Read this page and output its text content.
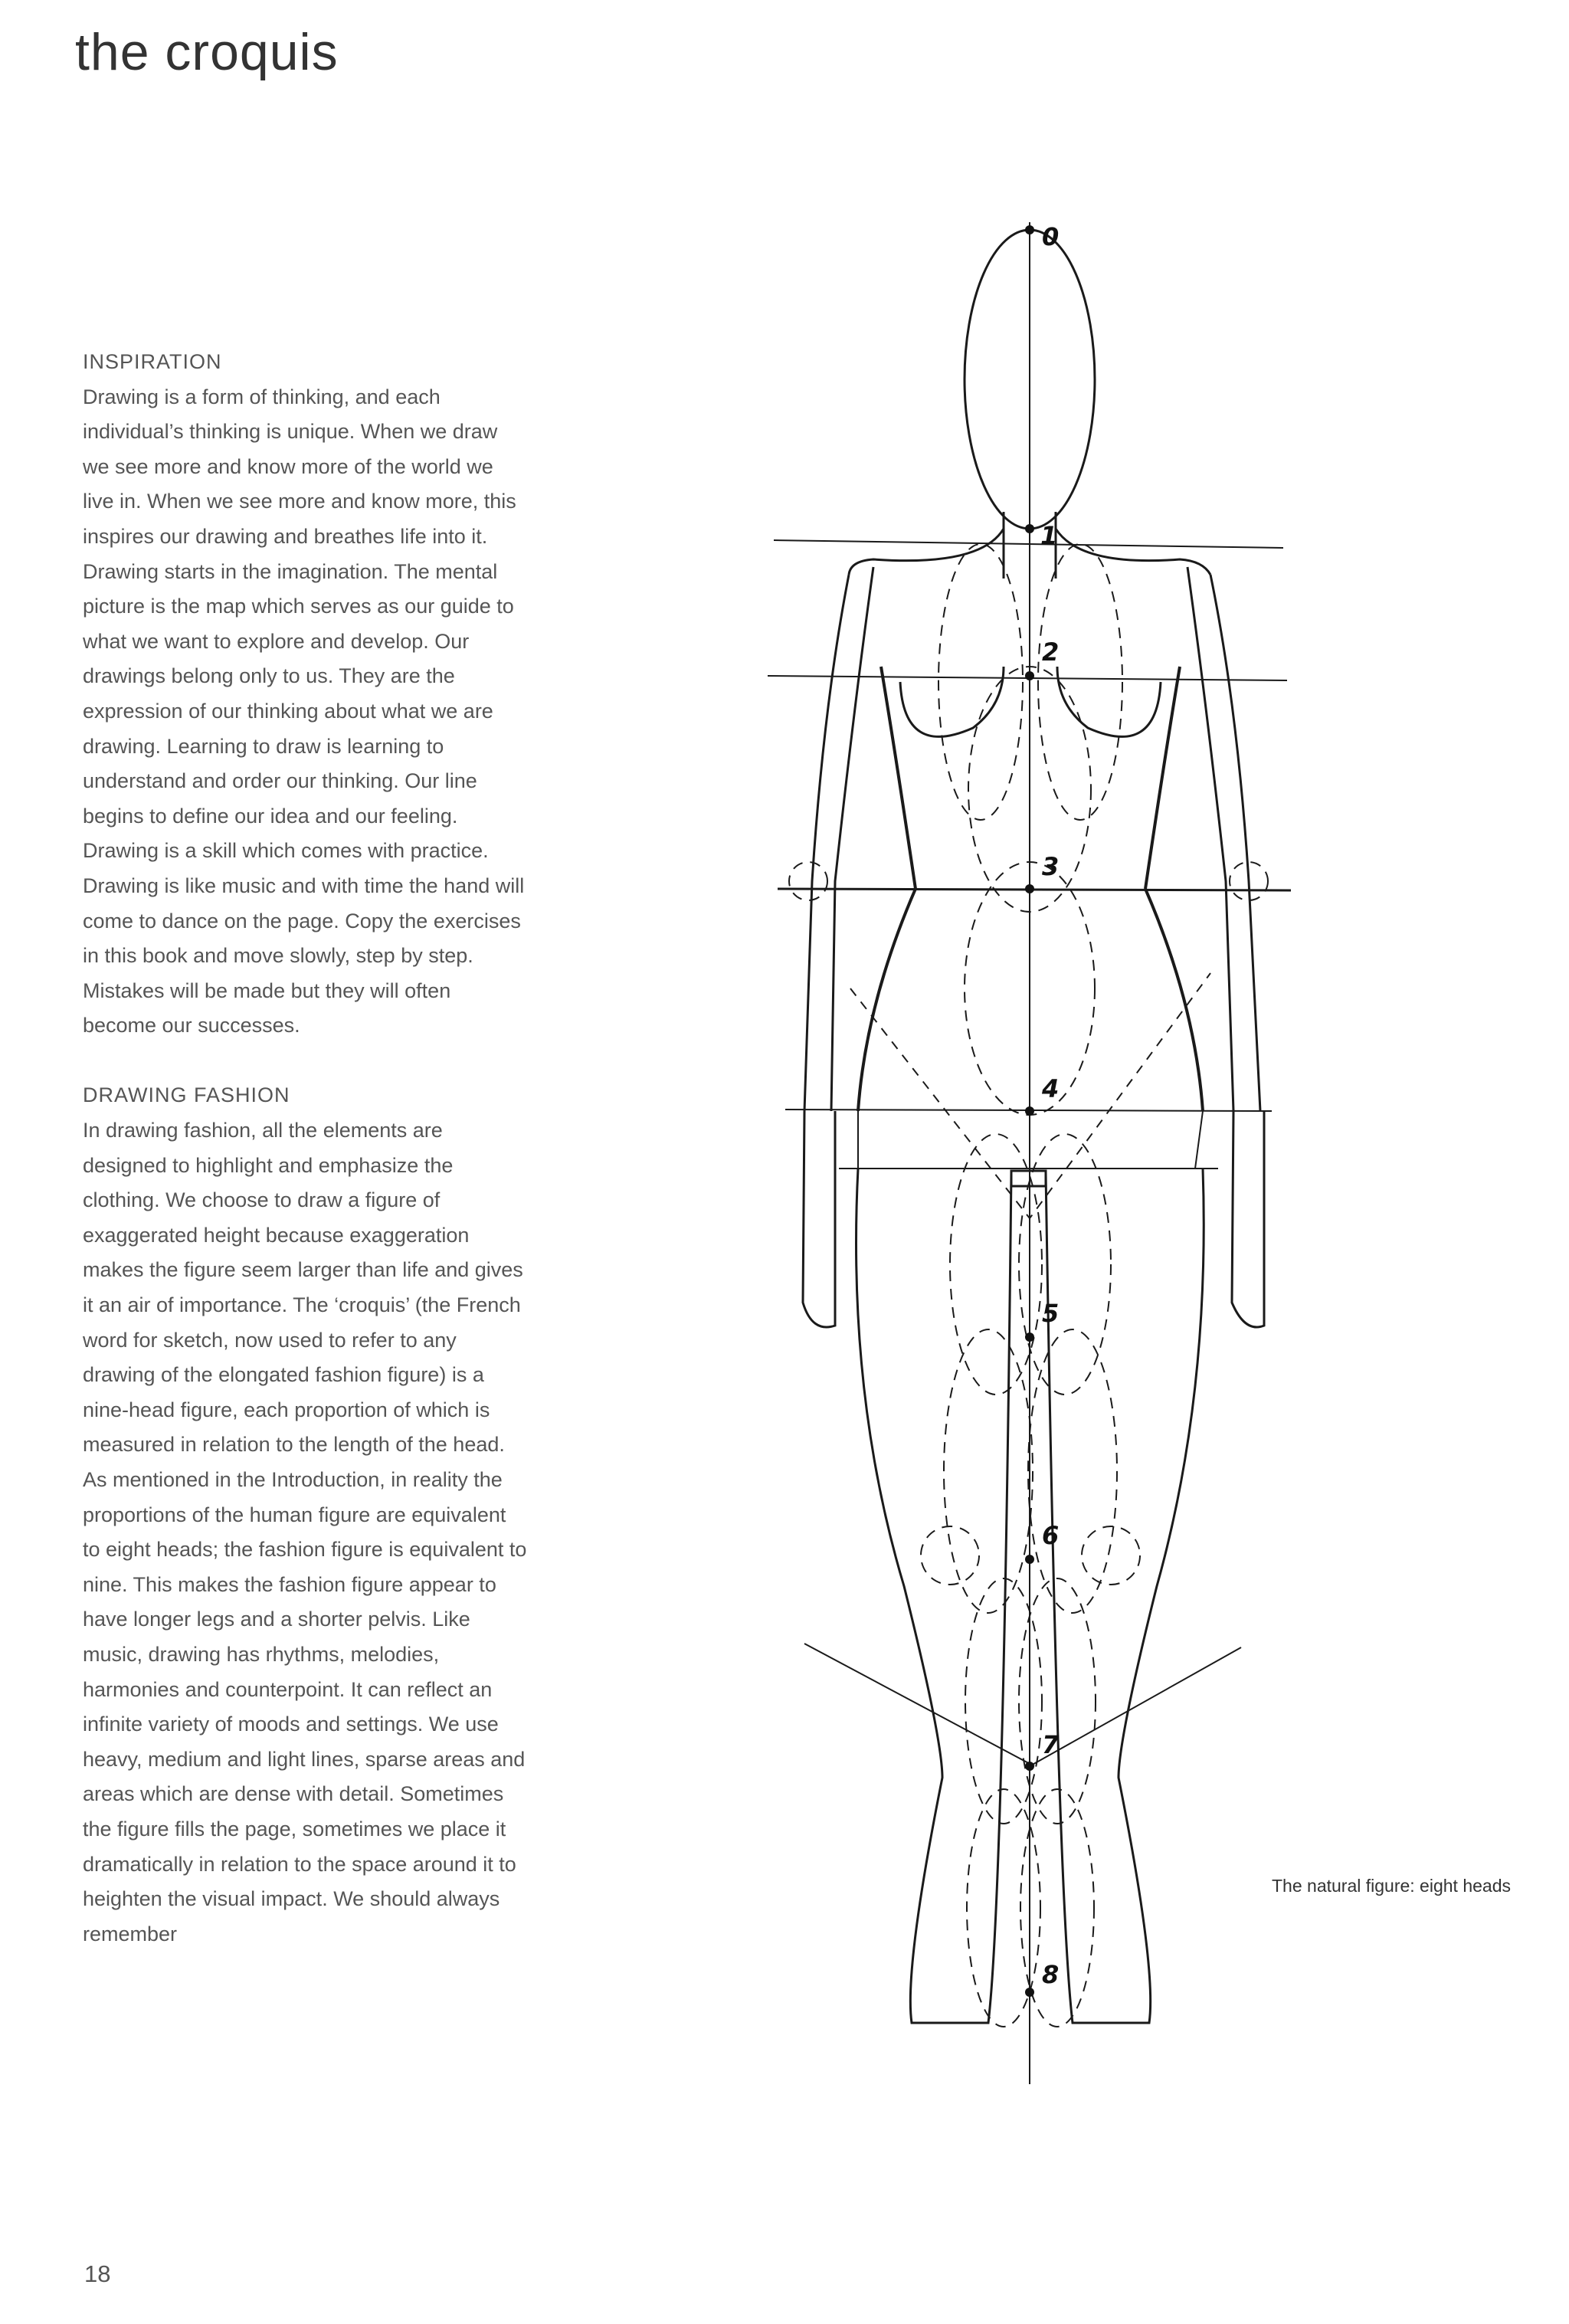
the croquis
INSPIRATION

Drawing is a form of thinking, and each individual’s thinking is unique. When we draw we see more and know more of the world we live in. When we see more and know more, this inspires our drawing and breathes life into it.

Drawing starts in the imagination. The mental picture is the map which serves as our guide to what we want to explore and develop. Our drawings belong only to us. They are the expression of our thinking about what we are drawing. Learning to draw is learning to understand and order our thinking. Our line begins to define our idea and our feeling. Drawing is a skill which comes with practice. Drawing is like music and with time the hand will come to dance on the page. Copy the exercises in this book and move slowly, step by step. Mistakes will be made but they will often become our successes.

DRAWING FASHION

In drawing fashion, all the elements are designed to highlight and emphasize the clothing. We choose to draw a figure of exaggerated height because exaggeration makes the figure seem larger than life and gives it an air of importance. The ‘croquis’ (the French word for sketch, now used to refer to any drawing of the elongated fashion figure) is a nine-head figure, each proportion of which is measured in relation to the length of the head. As mentioned in the Introduction, in reality the proportions of the human figure are equivalent to eight heads; the fashion figure is equivalent to nine. This makes the fashion figure appear to have longer legs and a shorter pelvis. Like music, drawing has rhythms, melodies, harmonies and counterpoint. It can reflect an infinite variety of moods and settings. We use heavy, medium and light lines, sparse areas and areas which are dense with detail. Sometimes the figure fills the page, sometimes we place it dramatically in relation to the space around it to heighten the visual impact. We should always remember

0
1
2
3
4
5
6
7
8

The natural figure: eight heads

18
